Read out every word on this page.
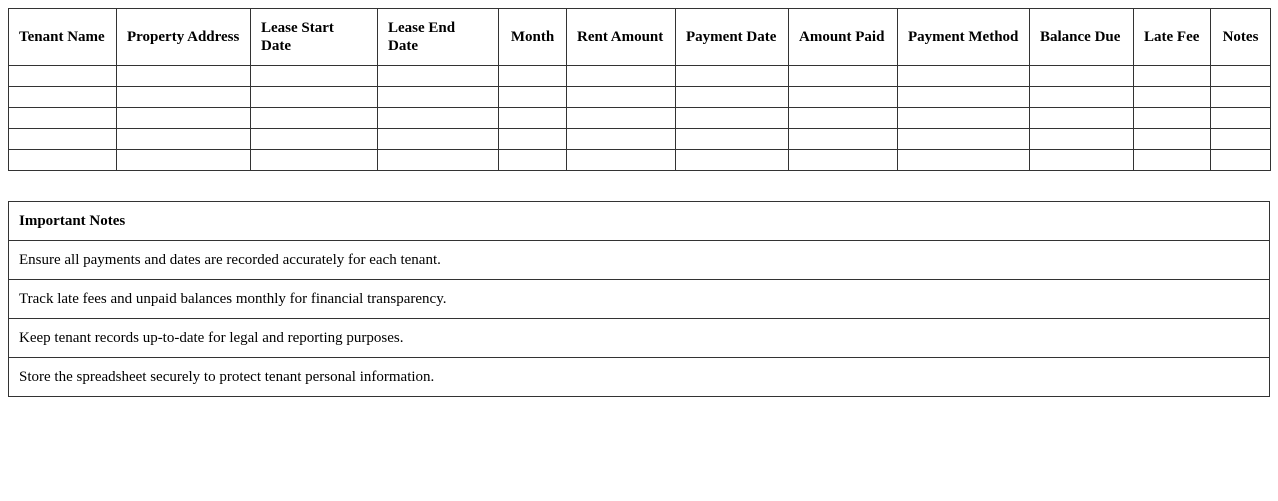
Tenant Name	Property Address	Lease Start Date	Lease End Date	Month	Rent Amount	Payment Date	Amount Paid	Payment Method	Balance Due	Late Fee	Notes

Important Notes
Ensure all payments and dates are recorded accurately for each tenant.
Track late fees and unpaid balances monthly for financial transparency.
Keep tenant records up-to-date for legal and reporting purposes.
Store the spreadsheet securely to protect tenant personal information.
